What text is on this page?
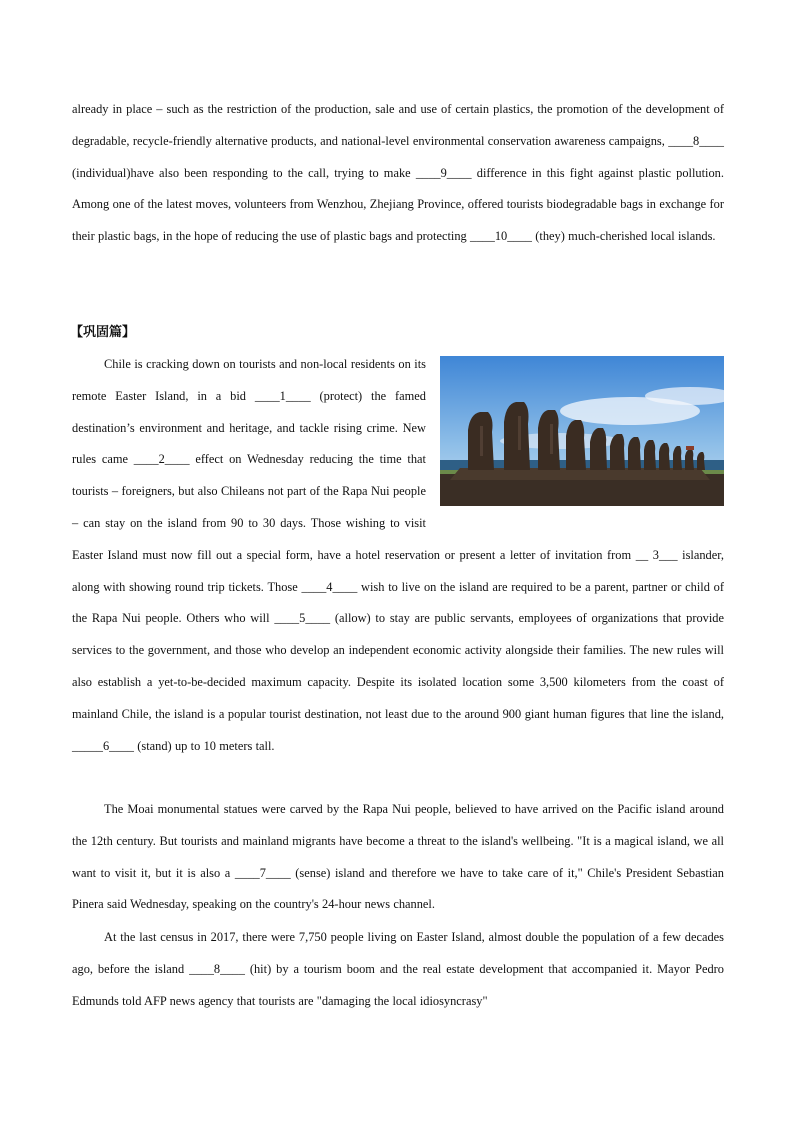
already in place – such as the restriction of the production, sale and use of certain plastics, the promotion of the development of degradable, recycle-friendly alternative products, and national-level environmental conservation awareness campaigns, ____8____ (individual)have also been responding to the call, trying to make ____9____ difference in this fight against plastic pollution. Among one of the latest moves, volunteers from Wenzhou, Zhejiang Province, offered tourists biodegradable bags in exchange for their plastic bags, in the hope of reducing the use of plastic bags and protecting ____10____ (they) much-cherished local islands.

【巩固篇】

Chile is cracking down on tourists and non-local residents on its remote Easter Island, in a bid ____1____ (protect) the famed destination’s environment and heritage, and tackle rising crime. New rules came ____2____ effect on Wednesday reducing the time that tourists – foreigners, but also Chileans not part of the Rapa Nui people – can stay on the island from 90 to 30 days. Those wishing to visit Easter Island must now fill out a special form, have a hotel reservation or present a letter of invitation from __ 3___ islander, along with showing round trip tickets. Those ____4____ wish to live on the island are required to be a parent, partner or child of the Rapa Nui people. Others who will ____5____ (allow) to stay are public servants, employees of organizations that provide services to the government, and those who develop an independent economic activity alongside their families. The new rules will also establish a yet-to-be-decided maximum capacity. Despite its isolated location some 3,500 kilometers from the coast of mainland Chile, the island is a popular tourist destination, not least due to the around 900 giant human figures that line the island, _____6____ (stand) up to 10 meters tall.

The Moai monumental statues were carved by the Rapa Nui people, believed to have arrived on the Pacific island around the 12th century. But tourists and mainland migrants have become a threat to the island's wellbeing. "It is a magical island, we all want to visit it, but it is also a ____7____ (sense) island and therefore we have to take care of it," Chile's President Sebastian Pinera said Wednesday, speaking on the country's 24-hour news channel.

At the last census in 2017, there were 7,750 people living on Easter Island, almost double the population of a few decades ago, before the island ____8____ (hit) by a tourism boom and the real estate development that accompanied it. Mayor Pedro Edmunds told AFP news agency that tourists are "damaging the local idiosyncrasy"
